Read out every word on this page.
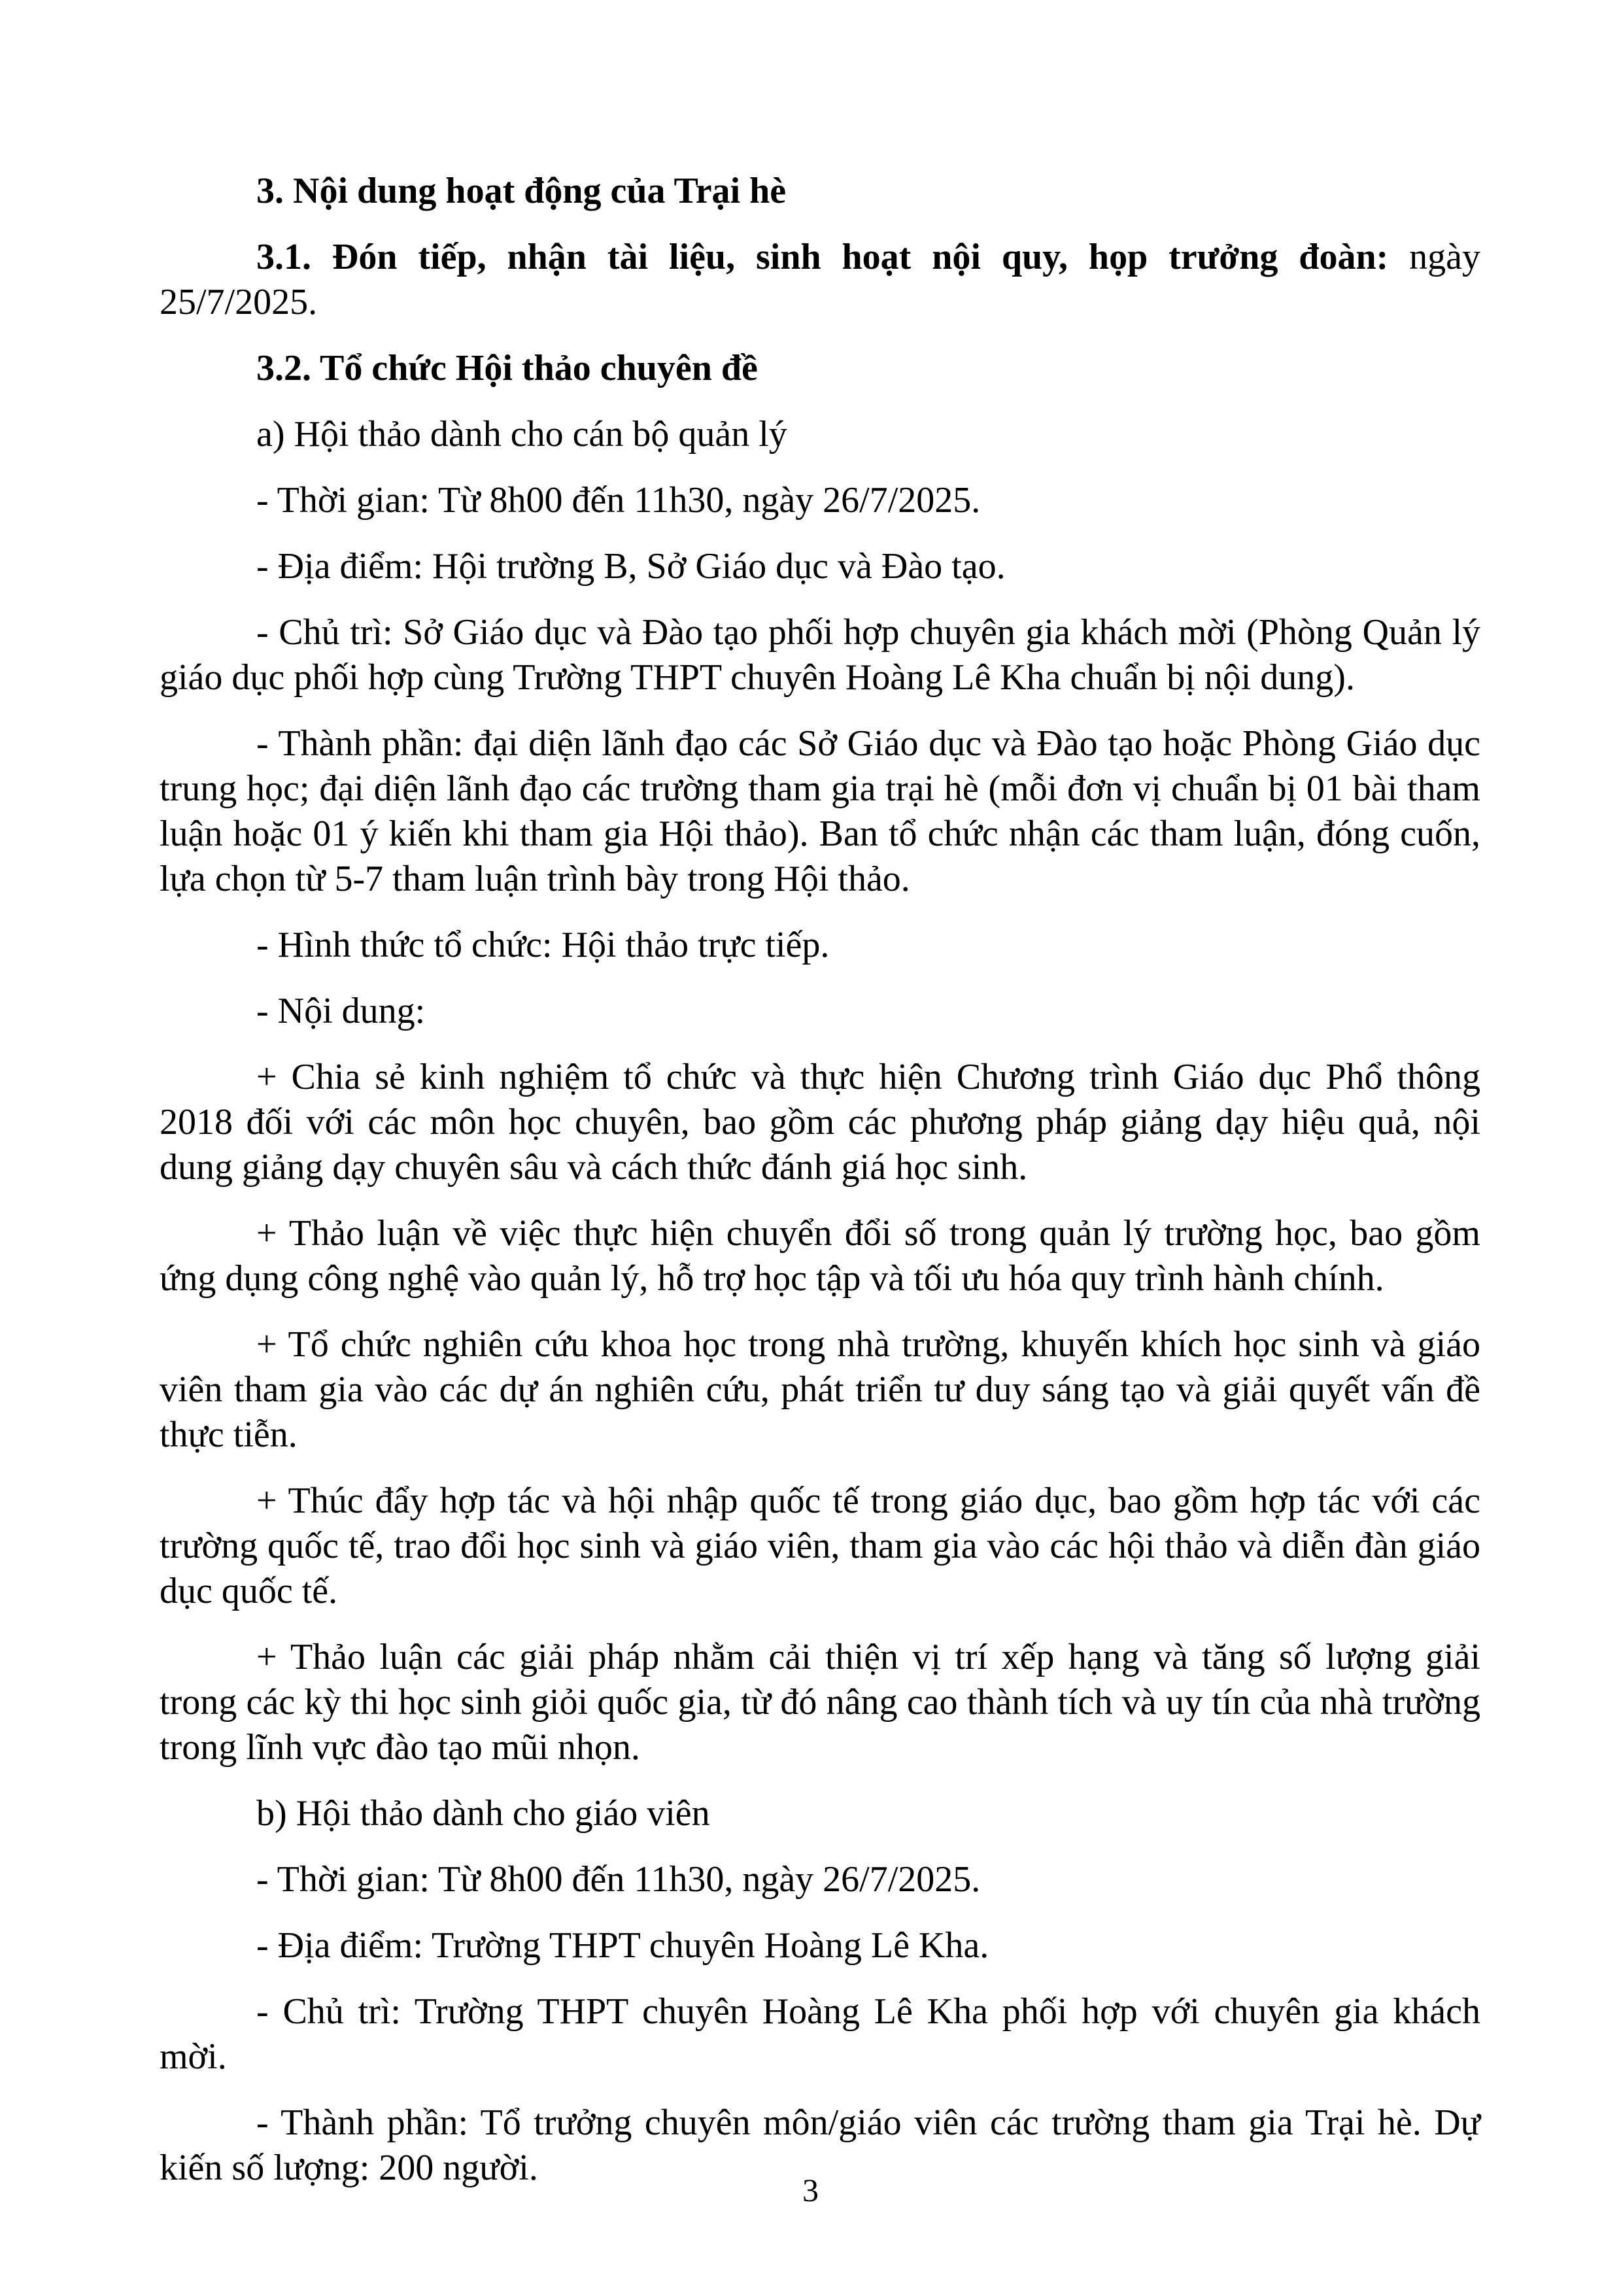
3. Nội dung hoạt động của Trại hè

3.1. Đón tiếp, nhận tài liệu, sinh hoạt nội quy, họp trưởng đoàn: ngày 25/7/2025.

3.2. Tổ chức Hội thảo chuyên đề

a) Hội thảo dành cho cán bộ quản lý

- Thời gian: Từ 8h00 đến 11h30, ngày 26/7/2025.

- Địa điểm: Hội trường B, Sở Giáo dục và Đào tạo.

- Chủ trì: Sở Giáo dục và Đào tạo phối hợp chuyên gia khách mời (Phòng Quản lý giáo dục phối hợp cùng Trường THPT chuyên Hoàng Lê Kha chuẩn bị nội dung).

- Thành phần: đại diện lãnh đạo các Sở Giáo dục và Đào tạo hoặc Phòng Giáo dục trung học; đại diện lãnh đạo các trường tham gia trại hè (mỗi đơn vị chuẩn bị 01 bài tham luận hoặc 01 ý kiến khi tham gia Hội thảo). Ban tổ chức nhận các tham luận, đóng cuốn, lựa chọn từ 5-7 tham luận trình bày trong Hội thảo.

- Hình thức tổ chức: Hội thảo trực tiếp.

- Nội dung:

+ Chia sẻ kinh nghiệm tổ chức và thực hiện Chương trình Giáo dục Phổ thông 2018 đối với các môn học chuyên, bao gồm các phương pháp giảng dạy hiệu quả, nội dung giảng dạy chuyên sâu và cách thức đánh giá học sinh.

+ Thảo luận về việc thực hiện chuyển đổi số trong quản lý trường học, bao gồm ứng dụng công nghệ vào quản lý, hỗ trợ học tập và tối ưu hóa quy trình hành chính.

+ Tổ chức nghiên cứu khoa học trong nhà trường, khuyến khích học sinh và giáo viên tham gia vào các dự án nghiên cứu, phát triển tư duy sáng tạo và giải quyết vấn đề thực tiễn.

+ Thúc đẩy hợp tác và hội nhập quốc tế trong giáo dục, bao gồm hợp tác với các trường quốc tế, trao đổi học sinh và giáo viên, tham gia vào các hội thảo và diễn đàn giáo dục quốc tế.

+ Thảo luận các giải pháp nhằm cải thiện vị trí xếp hạng và tăng số lượng giải trong các kỳ thi học sinh giỏi quốc gia, từ đó nâng cao thành tích và uy tín của nhà trường trong lĩnh vực đào tạo mũi nhọn.

b) Hội thảo dành cho giáo viên

- Thời gian: Từ 8h00 đến 11h30, ngày 26/7/2025.

- Địa điểm: Trường THPT chuyên Hoàng Lê Kha.

- Chủ trì: Trường THPT chuyên Hoàng Lê Kha phối hợp với chuyên gia khách mời.

- Thành phần: Tổ trưởng chuyên môn/giáo viên các trường tham gia Trại hè. Dự kiến số lượng: 200 người.

3
